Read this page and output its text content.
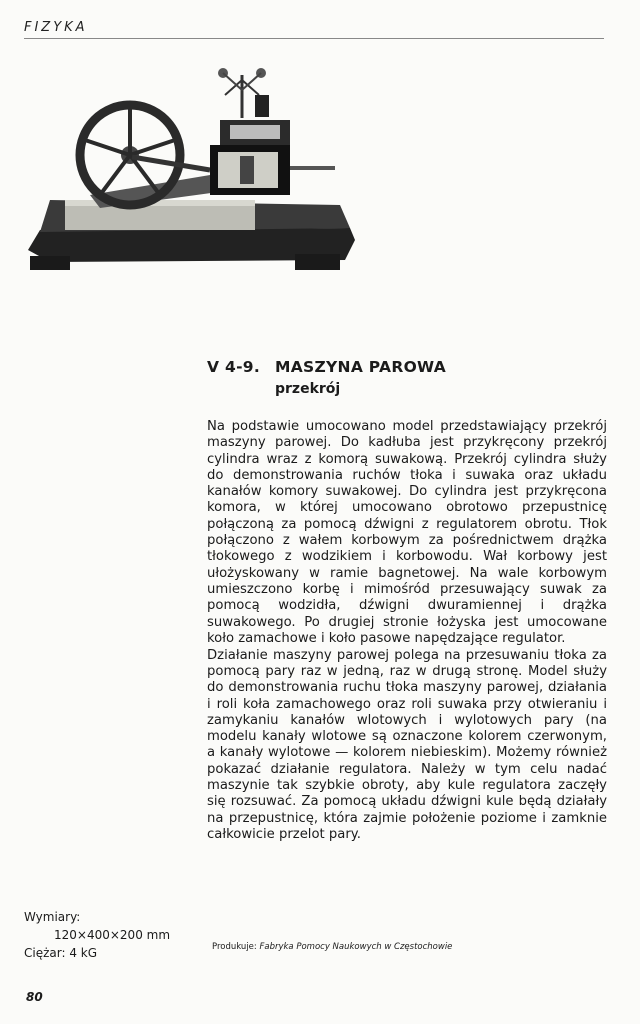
FIZYKA
V 4-9. MASZYNA PAROWA
przekrój

Na podstawie umocowano model przedstawiający przekrój maszyny parowej. Do kadłuba jest przykręcony przekrój cylindra wraz z komorą suwakową. Przekrój cylindra służy do demonstrowania ruchów tłoka i suwaka oraz układu kanałów komory suwakowej. Do cylindra jest przykręcona komora, w której umocowano obrotowo przepustnicę połączoną za pomocą dźwigni z regulatorem obrotu. Tłok połączono z wałem korbowym za pośrednictwem drążka tłokowego z wodzikiem i korbowodu. Wał korbowy jest ułożyskowany w ramie bagnetowej. Na wale korbowym umieszczono korbę i mimośród przesuwający suwak za pomocą wodzidła, dźwigni dwuramiennej i drążka suwakowego. Po drugiej stronie łożyska jest umocowane koło zamachowe i koło pasowe napędzające regulator.

Działanie maszyny parowej polega na przesuwaniu tłoka za pomocą pary raz w jedną, raz w drugą stronę. Model służy do demonstrowania ruchu tłoka maszyny parowej, działania i roli koła zamachowego oraz roli suwaka przy otwieraniu i zamykaniu kanałów wlotowych i wylotowych pary (na modelu kanały wlotowe są oznaczone kolorem czerwonym, a kanały wylotowe — kolorem niebieskim). Możemy również pokazać działanie regulatora. Należy w tym celu nadać maszynie tak szybkie obroty, aby kule regulatora zaczęły się rozsuwać. Za pomocą układu dźwigni kule będą działały na przepustnicę, która zajmie położenie poziome i zamknie całkowicie przelot pary.

Wymiary:
120×400×200 mm
Ciężar: 4 kG	Produkuje: Fabryka Pomocy Naukowych w Częstochowie
80
